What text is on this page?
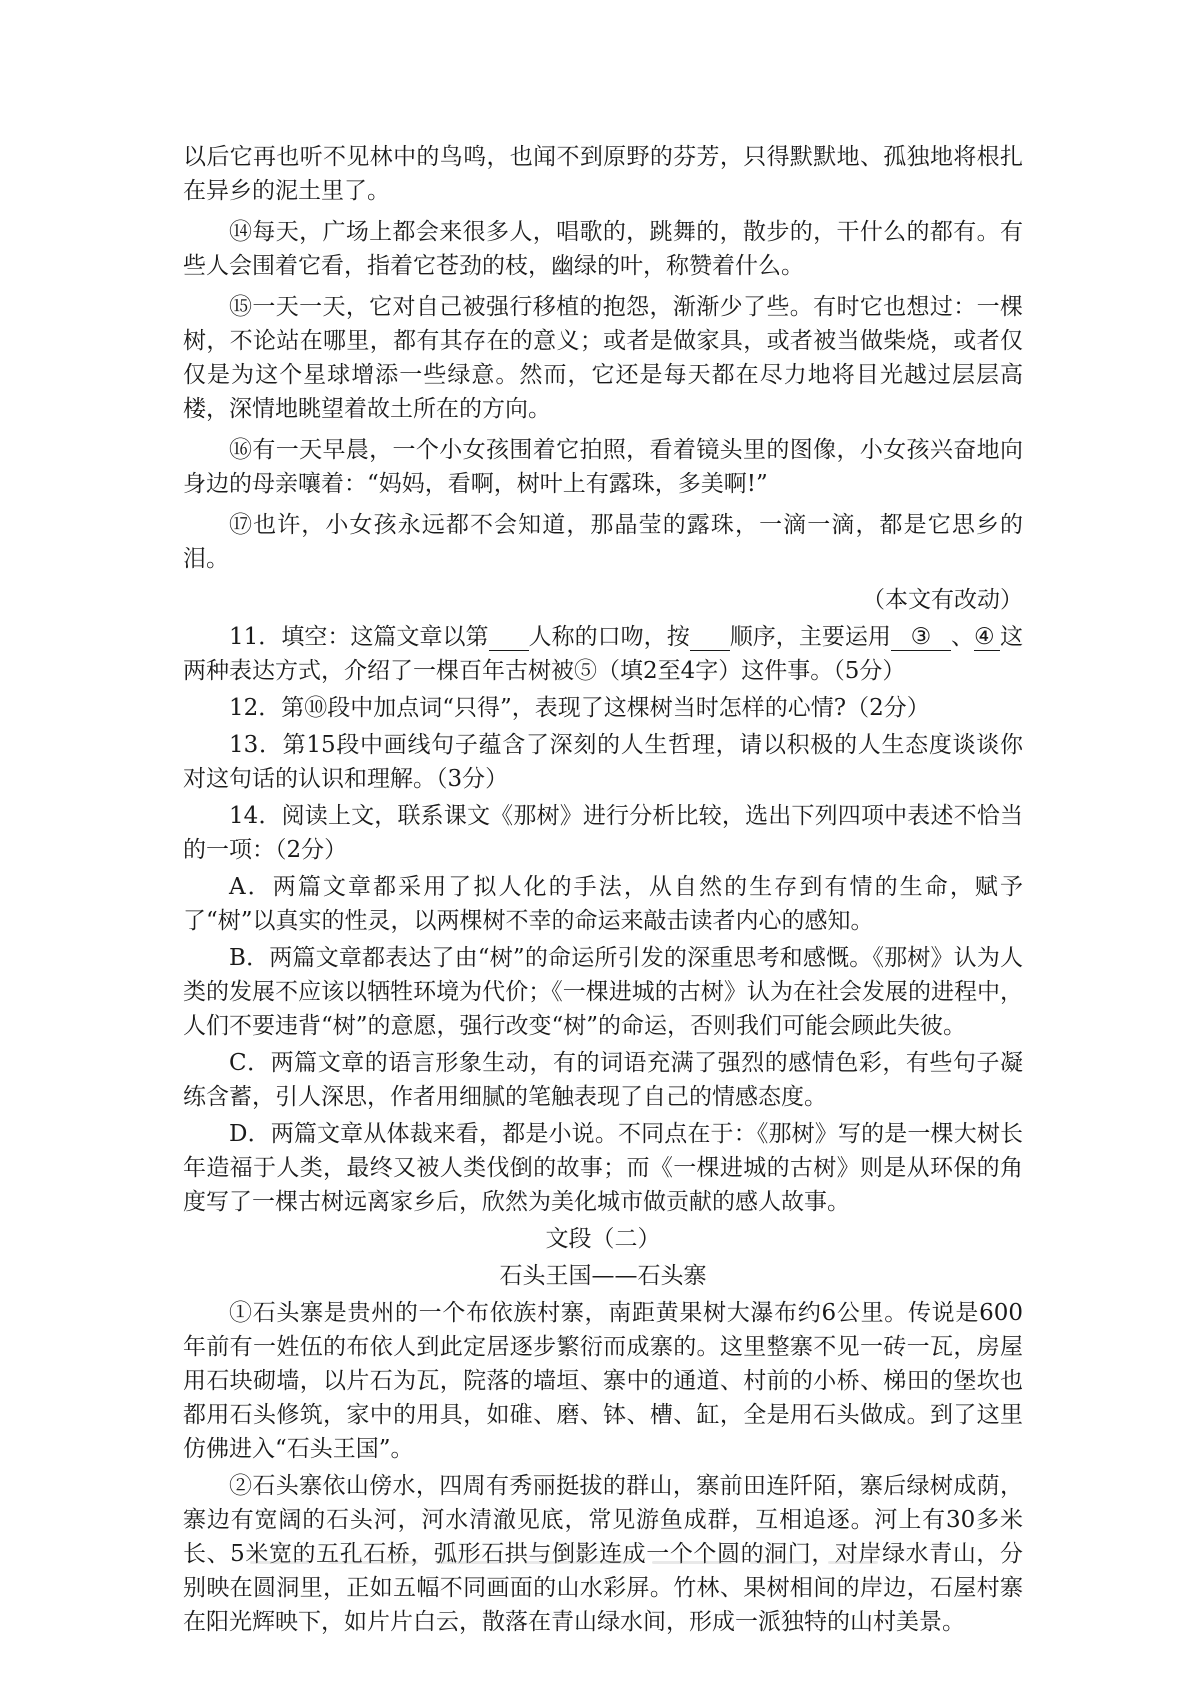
以后它再也听不见林中的鸟鸣，也闻不到原野的芬芳，只得默默地、孤独地将根扎在异乡的泥土里了。

⑭每天，广场上都会来很多人，唱歌的，跳舞的，散步的，干什么的都有。有些人会围着它看，指着它苍劲的枝，幽绿的叶，称赞着什么。

⑮一天一天，它对自己被强行移植的抱怨，渐渐少了些。有时它也想过：一棵树，不论站在哪里，都有其存在的意义；或者是做家具，或者被当做柴烧，或者仅仅是为这个星球增添一些绿意。然而，它还是每天都在尽力地将目光越过层层高楼，深情地眺望着故土所在的方向。

⑯有一天早晨，一个小女孩围着它拍照，看着镜头里的图像，小女孩兴奋地向身边的母亲嚷着：“妈妈，看啊，树叶上有露珠，多美啊!”

⑰也许，小女孩永远都不会知道，那晶莹的露珠，一滴一滴，都是它思乡的泪。

（本文有改动）

11．填空：这篇文章以第 人称的口吻，按 顺序，主要运用 ③ 、④ 这两种表达方式，介绍了一棵百年古树被⑤（填2至4字）这件事。（5分）

12．第⑩段中加点词“只得”，表现了这棵树当时怎样的心情?（2分）

13．第15段中画线句子蕴含了深刻的人生哲理，请以积极的人生态度谈谈你对这句话的认识和理解。（3分）

14．阅读上文，联系课文《那树》进行分析比较，选出下列四项中表述不恰当的一项：（2分）

A．两篇文章都采用了拟人化的手法，从自然的生存到有情的生命，赋予了“树”以真实的性灵，以两棵树不幸的命运来敲击读者内心的感知。

B．两篇文章都表达了由“树”的命运所引发的深重思考和感慨。《那树》认为人类的发展不应该以牺牲环境为代价；《一棵进城的古树》认为在社会发展的进程中，人们不要违背“树”的意愿，强行改变“树”的命运，否则我们可能会顾此失彼。

C．两篇文章的语言形象生动，有的词语充满了强烈的感情色彩，有些句子凝练含蓄，引人深思，作者用细腻的笔触表现了自己的情感态度。

D．两篇文章从体裁来看，都是小说。不同点在于：《那树》写的是一棵大树长年造福于人类，最终又被人类伐倒的故事；而《一棵进城的古树》则是从环保的角度写了一棵古树远离家乡后，欣然为美化城市做贡献的感人故事。

文段（二）

石头王国——石头寨

①石头寨是贵州的一个布依族村寨，南距黄果树大瀑布约6公里。传说是600年前有一姓伍的布依人到此定居逐步繁衍而成寨的。这里整寨不见一砖一瓦，房屋用石块砌墙，以片石为瓦，院落的墙垣、寨中的通道、村前的小桥、梯田的堡坎也都用石头修筑，家中的用具，如碓、磨、钵、槽、缸，全是用石头做成。到了这里仿佛进入“石头王国”。

②石头寨依山傍水，四周有秀丽挺拔的群山，寨前田连阡陌，寨后绿树成荫，寨边有宽阔的石头河，河水清澈见底，常见游鱼成群，互相追逐。河上有30多米长、5米宽的五孔石桥，弧形石拱与倒影连成一个个圆的洞门，对岸绿水青山，分别映在圆洞里，正如五幅不同画面的山水彩屏。竹林、果树相间的岸边，石屋村寨在阳光辉映下，如片片白云，散落在青山绿水间，形成一派独特的山村美景。
